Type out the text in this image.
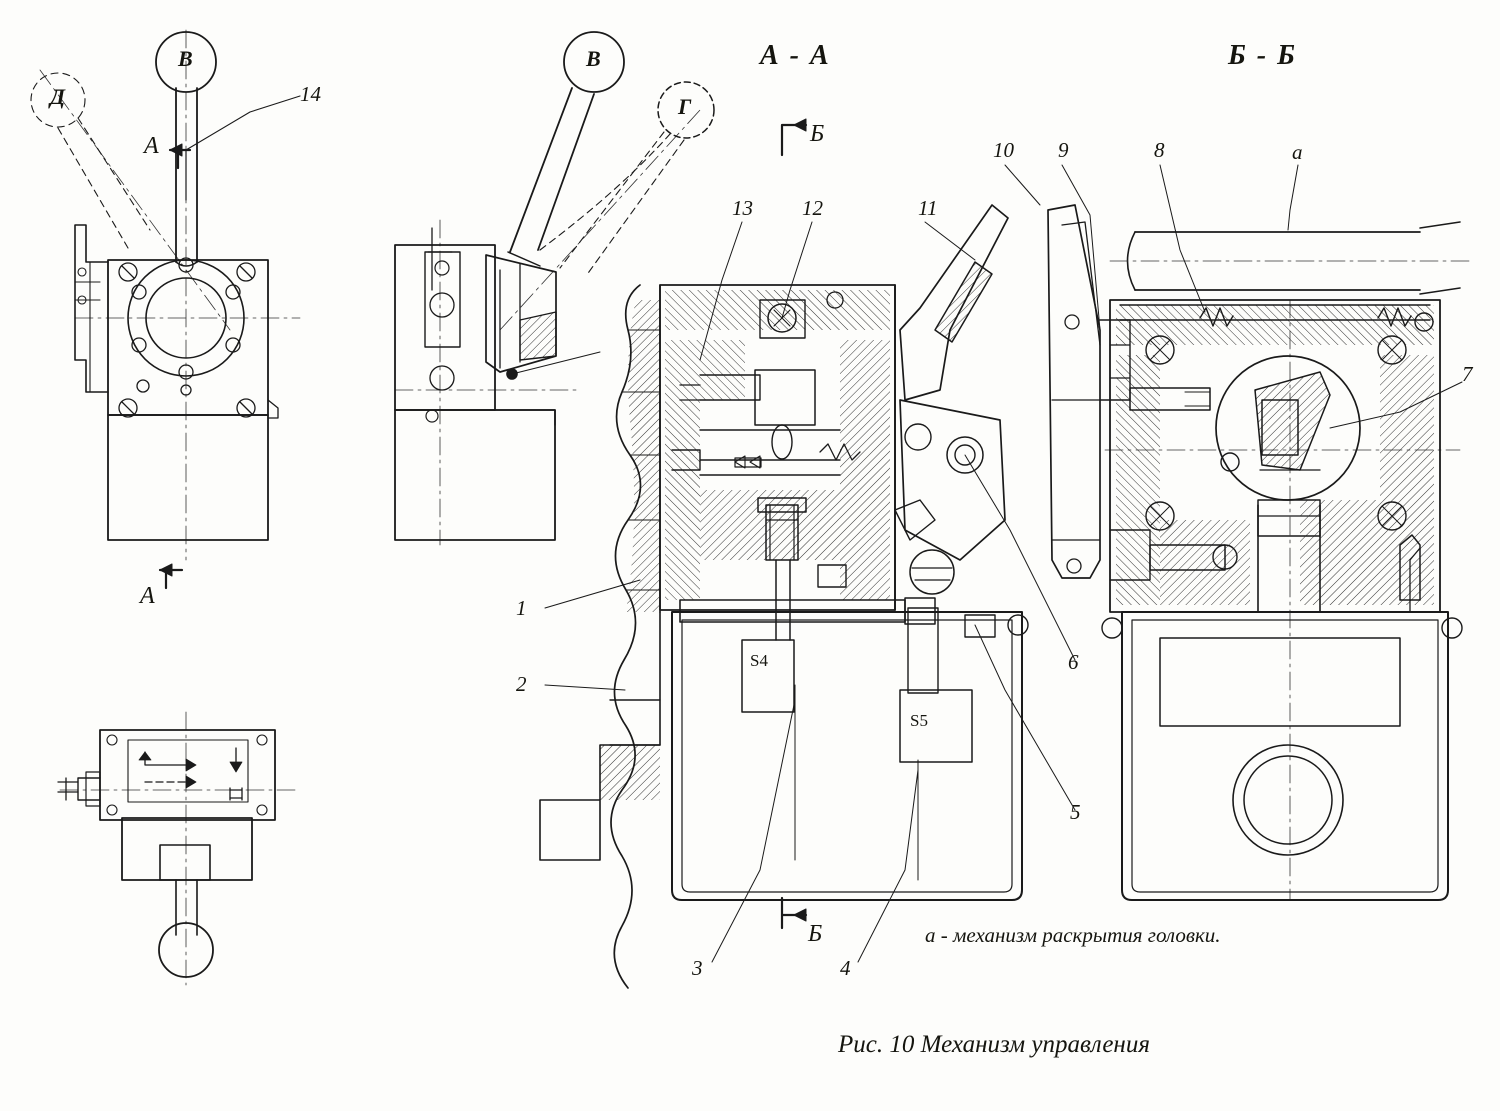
В
Д	14
А
А
В
Г
А - А	Б - Б
Б
Б
13 12	11
10 9	8	а
7
6
5
1
2
3	4
S4
S5
а - механизм раскрытия головки.
Рис. 10 Механизм управления
